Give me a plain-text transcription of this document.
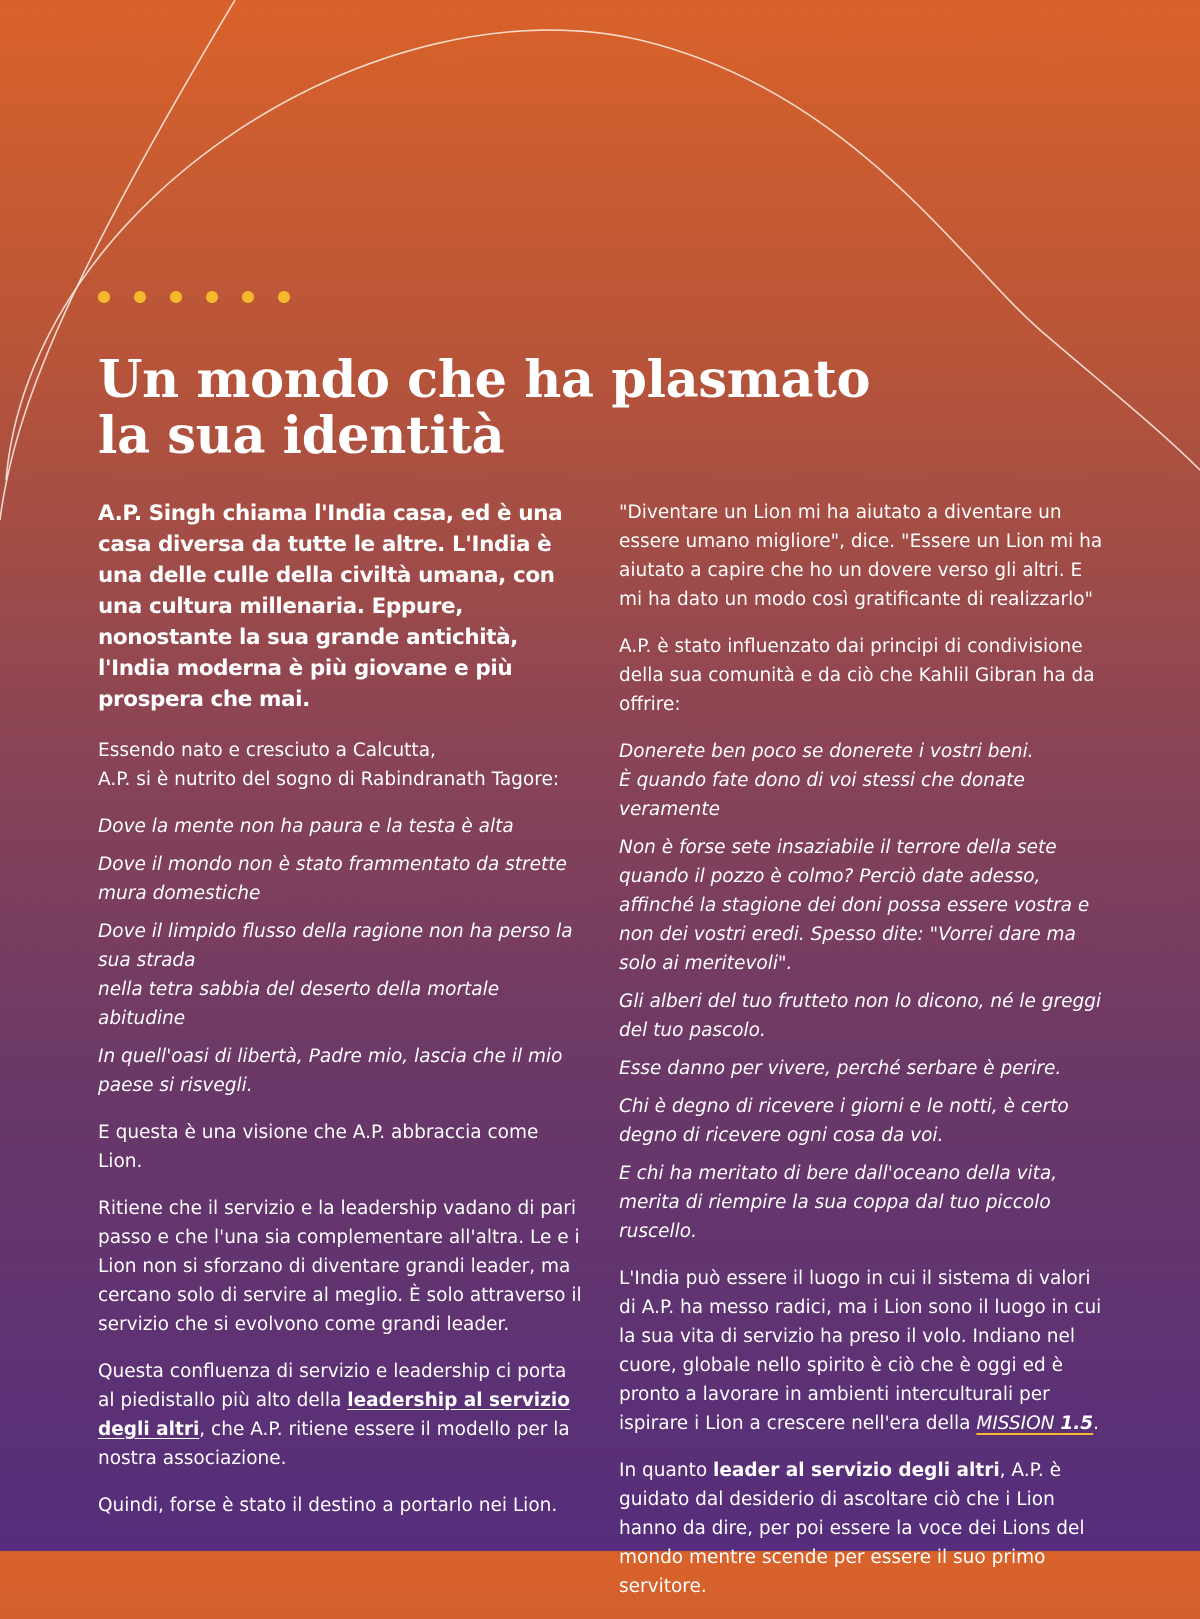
Un mondo che ha plasmato
la sua identità

A.P. Singh chiama l'India casa, ed è una casa diversa da tutte le altre. L'India è una delle culle della civiltà umana, con una cultura millenaria. Eppure, nonostante la sua grande antichità, l'India moderna è più giovane e più prospera che mai.

Essendo nato e cresciuto a Calcutta,
A.P. si è nutrito del sogno di Rabindranath Tagore:

Dove la mente non ha paura e la testa è alta

Dove il mondo non è stato frammentato da strette mura domestiche

Dove il limpido flusso della ragione non ha perso la sua strada
nella tetra sabbia del deserto della mortale abitudine

In quell'oasi di libertà, Padre mio, lascia che il mio paese si risvegli.

E questa è una visione che A.P. abbraccia come Lion.

Ritiene che il servizio e la leadership vadano di pari passo e che l'una sia complementare all'altra. Le e i Lion non si sforzano di diventare grandi leader, ma cercano solo di servire al meglio. È solo attraverso il servizio che si evolvono come grandi leader.

Questa confluenza di servizio e leadership ci porta al piedistallo più alto della leadership al servizio degli altri, che A.P. ritiene essere il modello per la nostra associazione.

Quindi, forse è stato il destino a portarlo nei Lion.

"Diventare un Lion mi ha aiutato a diventare un essere umano migliore", dice. "Essere un Lion mi ha aiutato a capire che ho un dovere verso gli altri. E mi ha dato un modo così gratificante di realizzarlo"

A.P. è stato influenzato dai principi di condivisione della sua comunità e da ciò che Kahlil Gibran ha da offrire:

Donerete ben poco se donerete i vostri beni.
È quando fate dono di voi stessi che donate veramente

Non è forse sete insaziabile il terrore della sete quando il pozzo è colmo? Perciò date adesso, affinché la stagione dei doni possa essere vostra e non dei vostri eredi. Spesso dite: "Vorrei dare ma solo ai meritevoli".

Gli alberi del tuo frutteto non lo dicono, né le greggi del tuo pascolo.

Esse danno per vivere, perché serbare è perire.

Chi è degno di ricevere i giorni e le notti, è certo degno di ricevere ogni cosa da voi.

E chi ha meritato di bere dall'oceano della vita, merita di riempire la sua coppa dal tuo piccolo ruscello.

L'India può essere il luogo in cui il sistema di valori di A.P. ha messo radici, ma i Lion sono il luogo in cui la sua vita di servizio ha preso il volo. Indiano nel cuore, globale nello spirito è ciò che è oggi ed è pronto a lavorare in ambienti interculturali per ispirare i Lion a crescere nell'era della MISSION 1.5.

In quanto leader al servizio degli altri, A.P. è guidato dal desiderio di ascoltare ciò che i Lion hanno da dire, per poi essere la voce dei Lions del mondo mentre scende per essere il suo primo servitore.
